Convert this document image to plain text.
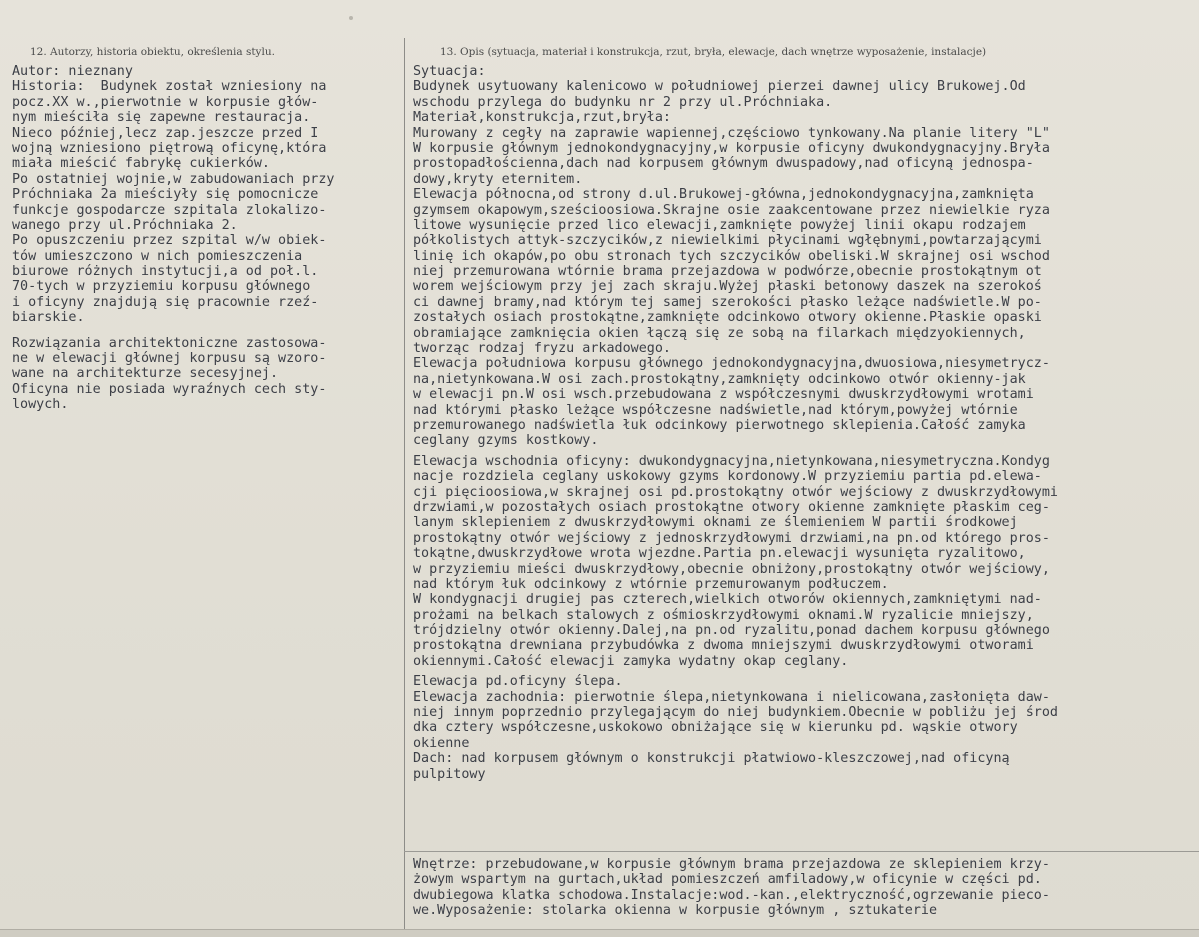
12. Autorzy, historia obiektu, określenia stylu.	13. Opis (sytuacja, materiał i konstrukcja, rzut, bryła, elewacje, dach wnętrze wyposażenie, instalacje)
Autor: nieznany
Historia:  Budynek został wzniesiony na
pocz.XX w.,pierwotnie w korpusie głów-
nym mieściła się zapewne restauracja.
Nieco później,lecz zap.jeszcze przed I
wojną wzniesiono piętrową oficynę,która
miała mieścić fabrykę cukierków.
Po ostatniej wojnie,w zabudowaniach przy
Próchniaka 2a mieściyły się pomocnicze
funkcje gospodarcze szpitala zlokalizo-
wanego przy ul.Próchniaka 2.
Po opuszczeniu przez szpital w/w obiek-
tów umieszczono w nich pomieszczenia
biurowe różnych instytucji,a od poł.l.
70-tych w przyziemiu korpusu głównego
i oficyny znajdują się pracownie rzeź-
biarskie.
Rozwiązania architektoniczne zastosowa-
ne w elewacji głównej korpusu są wzoro-
wane na architekturze secesyjnej.
Oficyna nie posiada wyraźnych cech sty-
lowych.
Sytuacja:
Budynek usytuowany kalenicowo w południowej pierzei dawnej ulicy Brukowej.Od
wschodu przylega do budynku nr 2 przy ul.Próchniaka.
Materiał,konstrukcja,rzut,bryła:
Murowany z cegły na zaprawie wapiennej,częściowo tynkowany.Na planie litery "L"
W korpusie głównym jednokondygnacyjny,w korpusie oficyny dwukondygnacyjny.Bryła
prostopadłościenna,dach nad korpusem głównym dwuspadowy,nad oficyną jednospa-
dowy,kryty eternitem.
Elewacja północna,od strony d.ul.Brukowej-główna,jednokondygnacyjna,zamknięta
gzymsem okapowym,sześcioosiowa.Skrajne osie zaakcentowane przez niewielkie ryza
litowe wysunięcie przed lico elewacji,zamknięte powyżej linii okapu rodzajem
półkolistych attyk-szczycików,z niewielkimi płycinami wgłębnymi,powtarzającymi
linię ich okapów,po obu stronach tych szczycików obeliski.W skrajnej osi wschod
niej przemurowana wtórnie brama przejazdowa w podwórze,obecnie prostokątnym ot
worem wejściowym przy jej zach skraju.Wyżej płaski betonowy daszek na szerokoś
ci dawnej bramy,nad którym tej samej szerokości płasko leżące nadświetle.W po-
zostałych osiach prostokątne,zamknięte odcinkowo otwory okienne.Płaskie opaski
obramiające zamknięcia okien łączą się ze sobą na filarkach międzyokiennych,
tworząc rodzaj fryzu arkadowego.
Elewacja południowa korpusu głównego jednokondygnacyjna,dwuosiowa,niesymetrycz-
na,nietynkowana.W osi zach.prostokątny,zamknięty odcinkowo otwór okienny-jak
w elewacji pn.W osi wsch.przebudowana z współczesnymi dwuskrzydłowymi wrotami
nad którymi płasko leżące współczesne nadświetle,nad którym,powyżej wtórnie
przemurowanego nadświetla łuk odcinkowy pierwotnego sklepienia.Całość zamyka
ceglany gzyms kostkowy.
Elewacja wschodnia oficyny: dwukondygnacyjna,nietynkowana,niesymetryczna.Kondyg
nacje rozdziela ceglany uskokowy gzyms kordonowy.W przyziemiu partia pd.elewa-
cji pięcioosiowa,w skrajnej osi pd.prostokątny otwór wejściowy z dwuskrzydłowymi
drzwiami,w pozostałych osiach prostokątne otwory okienne zamknięte płaskim ceg-
lanym sklepieniem z dwuskrzydłowymi oknami ze ślemieniem W partii środkowej
prostokątny otwór wejściowy z jednoskrzydłowymi drzwiami,na pn.od którego pros-
tokątne,dwuskrzydłowe wrota wjezdne.Partia pn.elewacji wysunięta ryzalitowo,
w przyziemiu mieści dwuskrzydłowy,obecnie obniżony,prostokątny otwór wejściowy,
nad którym łuk odcinkowy z wtórnie przemurowanym podłuczem.
W kondygnacji drugiej pas czterech,wielkich otworów okiennych,zamkniętymi nad-
prożami na belkach stalowych z ośmioskrzydłowymi oknami.W ryzalicie mniejszy,
trójdzielny otwór okienny.Dalej,na pn.od ryzalitu,ponad dachem korpusu głównego
prostokątna drewniana przybudówka z dwoma mniejszymi dwuskrzydłowymi otworami
okiennymi.Całość elewacji zamyka wydatny okap ceglany.
Elewacja pd.oficyny ślepa.
Elewacja zachodnia: pierwotnie ślepa,nietynkowana i nielicowana,zasłonięta daw-
niej innym poprzednio przylegającym do niej budynkiem.Obecnie w pobliżu jej środ
dka cztery współczesne,uskokowo obniżające się w kierunku pd. wąskie otwory
okienne
Dach: nad korpusem głównym o konstrukcji płatwiowo-kleszczowej,nad oficyną
pulpitowy
Wnętrze: przebudowane,w korpusie głównym brama przejazdowa ze sklepieniem krzy-
żowym wspartym na gurtach,układ pomieszczeń amfiladowy,w oficynie w części pd.
dwubiegowa klatka schodowa.Instalacje:wod.-kan.,elektryczność,ogrzewanie pieco-
we.Wyposażenie: stolarka okienna w korpusie głównym , sztukaterie
